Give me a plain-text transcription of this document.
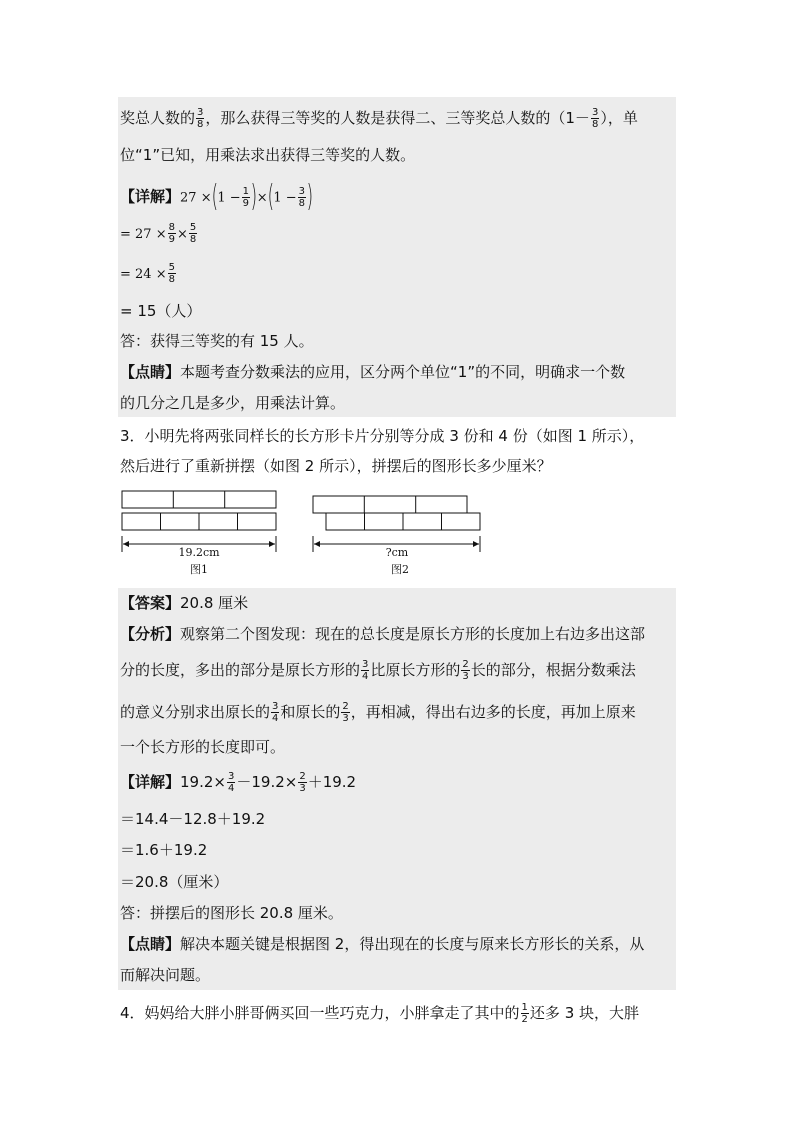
奖总人数的 $\frac{3}{8}$ ，那么获得三等奖的人数是获得二、三等奖总人数的（$1- \frac{3}{8}$ ），单
位“1”已知，用乘法求出获得三等奖的人数。
【详解】$27 \times(1 - \frac{1}{9} )\times(1 - \frac{3}{8}$ )
= $27 \times \frac{8}{9} \times \frac{5}{8}$
= $24 \times \frac{5}{8}$
= 15（人）
答：获得三等奖的有 15 人。
【点睛】本题考查分数乘法的应用，区分两个单位“1”的不同，明确求一个数
的几分之几是多少，用乘法计算。
3．小明先将两张同样长的长方形卡片分别等分成 3 份和 4 份（如图 1 所示），
然后进行了重新拼摆（如图 2 所示），拼摆后的图形长多少厘米？
19.2cm
图1
?cm
图2
【答案】20.8 厘米
【分析】观察第二个图发现：现在的总长度是原长方形的长度加上右边多出这部
分的长度，多出的部分是原长方形的 $\frac{3}{4}$ 比原长方形的 $\frac{2}{3}$ 长的部分，根据分数乘法
的意义分别求出原长的 $\frac{3}{4}$ 和原长的 $\frac{2}{3}$ ，再相减，得出右边多的长度，再加上原来
一个长方形的长度即可。
【详解】$19.2\times \frac{3}{4} -19.2\times \frac{2}{3} +19.2$
＝14.4－12.8＋19.2
＝1.6＋19.2
＝20.8（厘米）
答：拼摆后的图形长 20.8 厘米。
【点睛】解决本题关键是根据图 2，得出现在的长度与原来长方形长的关系，从
而解决问题。
4．妈妈给大胖小胖哥俩买回一些巧克力，小胖拿走了其中的 $\frac{1}{2}$ 还多 3 块，大胖
